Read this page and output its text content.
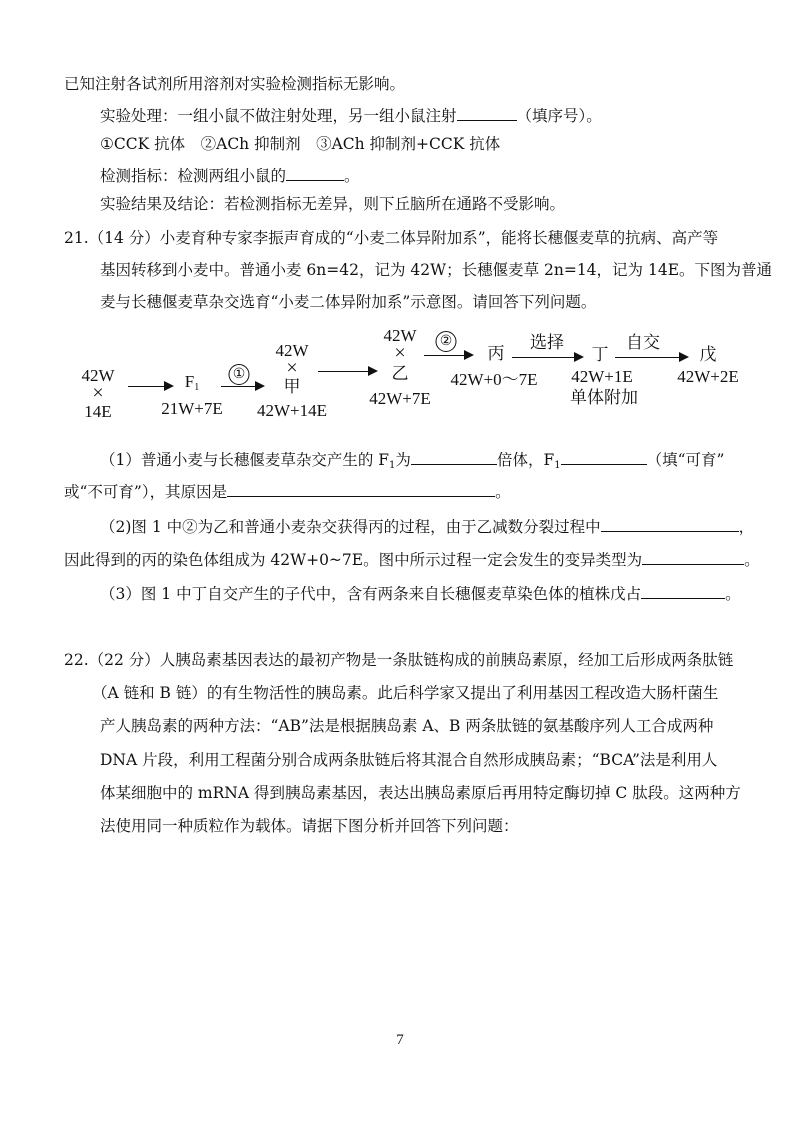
已知注射各试剂所用溶剂对实验检测指标无影响。
实验处理：一组小鼠不做注射处理，另一组小鼠注射	（填序号）。
①CCK 抗体　②ACh 抑制剂　③ACh 抑制剂+CCK 抗体
检测指标：检测两组小鼠的	。
实验结果及结论：若检测指标无差异，则下丘脑所在通路不受影响。
21.（14 分）小麦育种专家李振声育成的“小麦二体异附加系”，能将长穗偃麦草的抗病、高产等
基因转移到小麦中。普通小麦 6n=42，记为 42W；长穗偃麦草 2n=14，记为 14E。下图为普通
麦与长穗偃麦草杂交选育“小麦二体异附加系”示意图。请回答下列问题。
42W
×
14E
$F_1$
21W+7E
①
42W
×
甲
42W+14E
42W
×
乙
42W+7E
②
丙
42W+0～7E
选择
丁
42W+1E
单体附加
自交
戊
42W+2E
（1）普通小麦与长穗偃麦草杂交产生的 $F_1$为	倍体，$F_1$	（填“可育”
或“不可育”），其原因是	。
（2)图 1 中②为乙和普通小麦杂交获得丙的过程，由于乙减数分裂过程中	，
因此得到的丙的染色体组成为 42W+0~7E。图中所示过程一定会发生的变异类型为	。
（3）图 1 中丁自交产生的子代中，含有两条来自长穗偃麦草染色体的植株戊占	。
22.（22 分）人胰岛素基因表达的最初产物是一条肽链构成的前胰岛素原，经加工后形成两条肽链
（A 链和 B 链）的有生物活性的胰岛素。此后科学家又提出了利用基因工程改造大肠杆菌生
产人胰岛素的两种方法：“AB”法是根据胰岛素 A、B 两条肽链的氨基酸序列人工合成两种
DNA 片段，利用工程菌分别合成两条肽链后将其混合自然形成胰岛素；“BCA”法是利用人
体某细胞中的 mRNA 得到胰岛素基因，表达出胰岛素原后再用特定酶切掉 C 肽段。这两种方
法使用同一种质粒作为载体。请据下图分析并回答下列问题：
7
